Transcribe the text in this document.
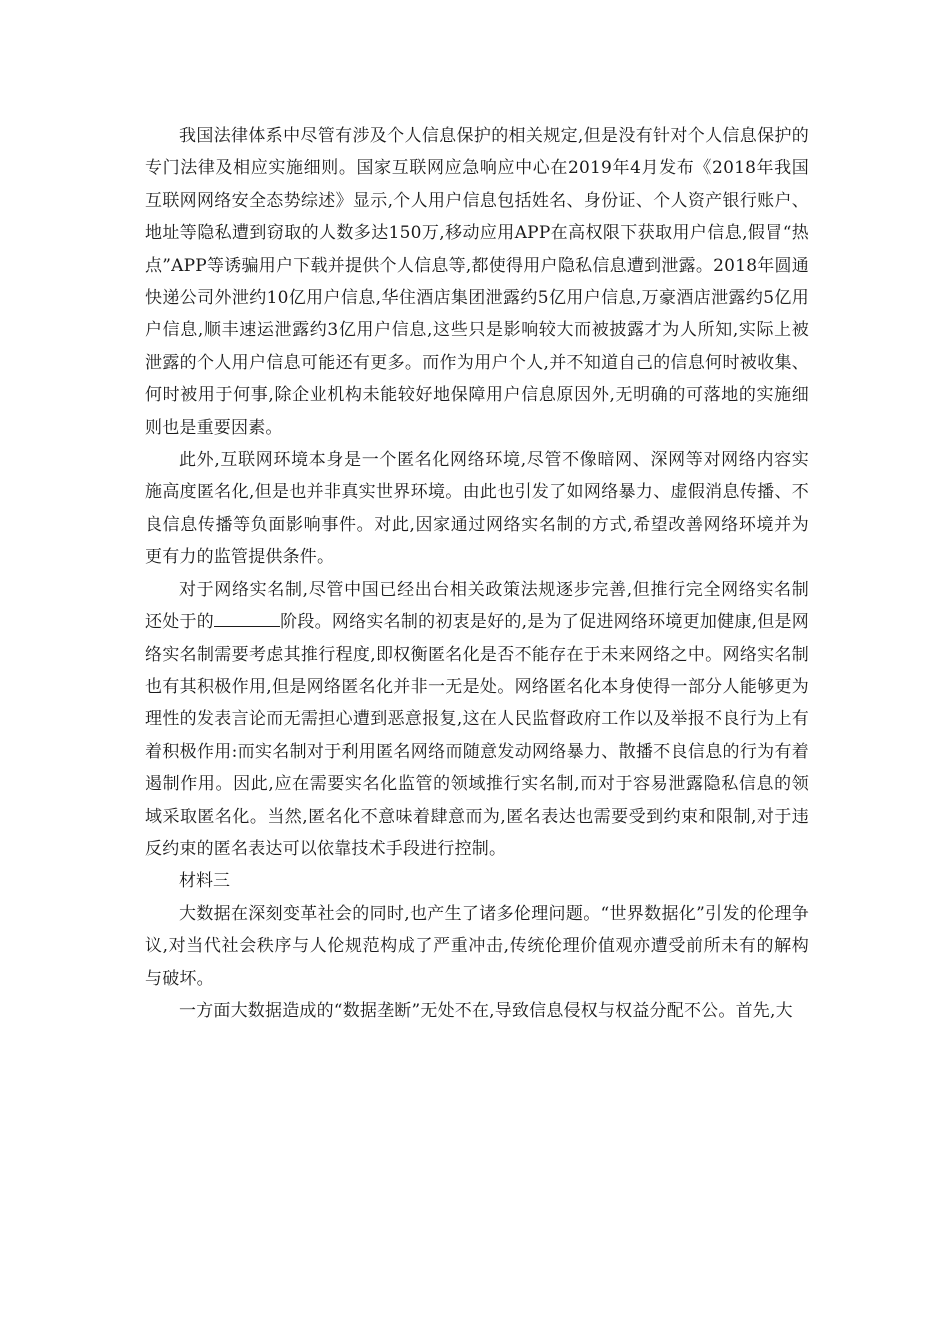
我国法律体系中尽管有涉及个人信息保护的相关规定,但是没有针对个人信息保护的专门法律及相应实施细则。国家互联网应急响应中心在2019年4月发布《2018年我国互联网网络安全态势综述》显示,个人用户信息包括姓名、身份证、个人资产银行账户、地址等隐私遭到窃取的人数多达150万,移动应用APP在高权限下获取用户信息,假冒“热点”APP等诱骗用户下载并提供个人信息等,都使得用户隐私信息遭到泄露。2018年圆通快递公司外泄约10亿用户信息,华住酒店集团泄露约5亿用户信息,万豪酒店泄露约5亿用户信息,顺丰速运泄露约3亿用户信息,这些只是影响较大而被披露才为人所知,实际上被泄露的个人用户信息可能还有更多。而作为用户个人,并不知道自己的信息何时被收集、何时被用于何事,除企业机构未能较好地保障用户信息原因外,无明确的可落地的实施细则也是重要因素。

此外,互联网环境本身是一个匿名化网络环境,尽管不像暗网、深网等对网络内容实施高度匿名化,但是也并非真实世界环境。由此也引发了如网络暴力、虚假消息传播、不良信息传播等负面影响事件。对此,因家通过网络实名制的方式,希望改善网络环境并为更有力的监管提供条件。

对于网络实名制,尽管中国已经出台相关政策法规逐步完善,但推行完全网络实名制还处于的	阶段。网络实名制的初衷是好的,是为了促进网络环境更加健康,但是网络实名制需要考虑其推行程度,即权衡匿名化是否不能存在于未来网络之中。网络实名制也有其积极作用,但是网络匿名化并非一无是处。网络匿名化本身使得一部分人能够更为理性的发表言论而无需担心遭到恶意报复,这在人民监督政府工作以及举报不良行为上有着积极作用:而实名制对于利用匿名网络而随意发动网络暴力、散播不良信息的行为有着遏制作用。因此,应在需要实名化监管的领域推行实名制,而对于容易泄露隐私信息的领域采取匿名化。当然,匿名化不意味着肆意而为,匿名表达也需要受到约束和限制,对于违反约束的匿名表达可以依靠技术手段进行控制。

材料三

大数据在深刻变革社会的同时,也产生了诸多伦理问题。“世界数据化”引发的伦理争议,对当代社会秩序与人伦规范构成了严重冲击,传统伦理价值观亦遭受前所未有的解构与破坏。

一方面大数据造成的“数据垄断”无处不在,导致信息侵权与权益分配不公。首先,大
